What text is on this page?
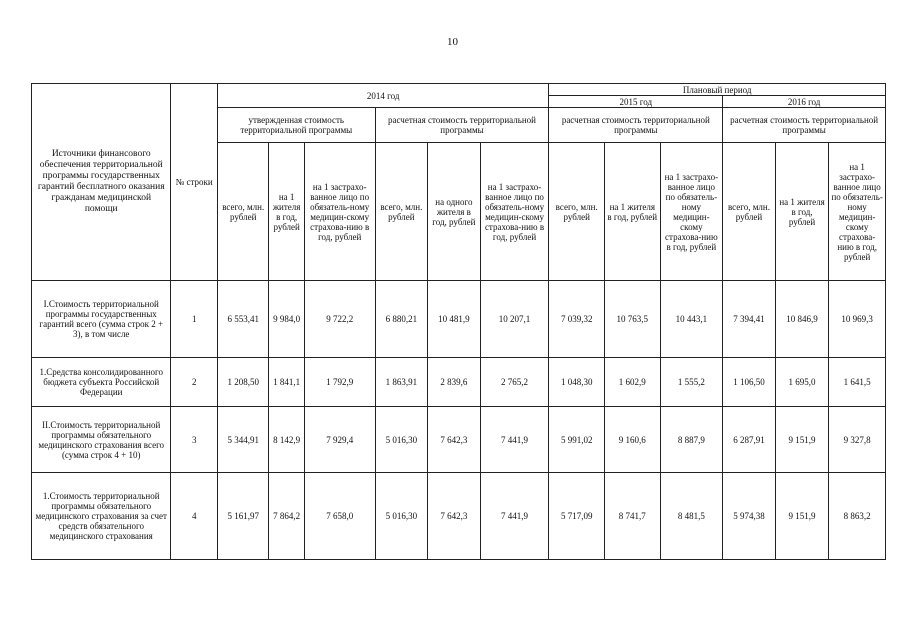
10
Источники финансового обеспечения территориальной программы государственных гарантий бесплатного оказания гражданам медицинской помощи	№ строки	2014 год						Плановый период					
								2015 год			2016 год		
		утвержденная стоимость территориальной программы			расчетная стоимость территориальной программы			расчетная стоимость территориальной программы			расчетная стоимость территориальной программы		
		всего, млн. рублей	на 1 жителя в год, рублей	на 1 застрахо-ванное лицо по обязатель-ному медицин-скому страхова-нию в год, рублей	всего, млн. рублей	на одного жителя в год, рублей	на 1 застрахо-ванное лицо по обязатель-ному медицин-скому страхова-нию в год, рублей	всего, млн. рублей	на 1 жителя в год, рублей	на 1 застрахо-ванное лицо по обязатель-ному медицин-скому страхова-нию в год, рублей	всего, млн. рублей	на 1 жителя в год, рублей	на 1 застрахо-ванное лицо по обязатель-ному медицин-скому страхова-нию в год, рублей
I.Стоимость территориальной программы государственных гарантий всего (сумма строк 2 + 3), в том числе	1	6 553,41	9 984,0	9 722,2	6 880,21	10 481,9	10 207,1	7 039,32	10 763,5	10 443,1	7 394,41	10 846,9	10 969,3
1.Средства консолидированного бюджета субъекта Российской Федерации	2	1 208,50	1 841,1	1 792,9	1 863,91	2 839,6	2 765,2	1 048,30	1 602,9	1 555,2	1 106,50	1 695,0	1 641,5
II.Стоимость территориальной программы обязательного медицинского страхования всего (сумма строк 4 + 10)	3	5 344,91	8 142,9	7 929,4	5 016,30	7 642,3	7 441,9	5 991,02	9 160,6	8 887,9	6 287,91	9 151,9	9 327,8
1.Стоимость территориальной программы обязательного медицинского страхования за счет средств обязательного медицинского страхования	4	5 161,97	7 864,2	7 658,0	5 016,30	7 642,3	7 441,9	5 717,09	8 741,7	8 481,5	5 974,38	9 151,9	8 863,2
